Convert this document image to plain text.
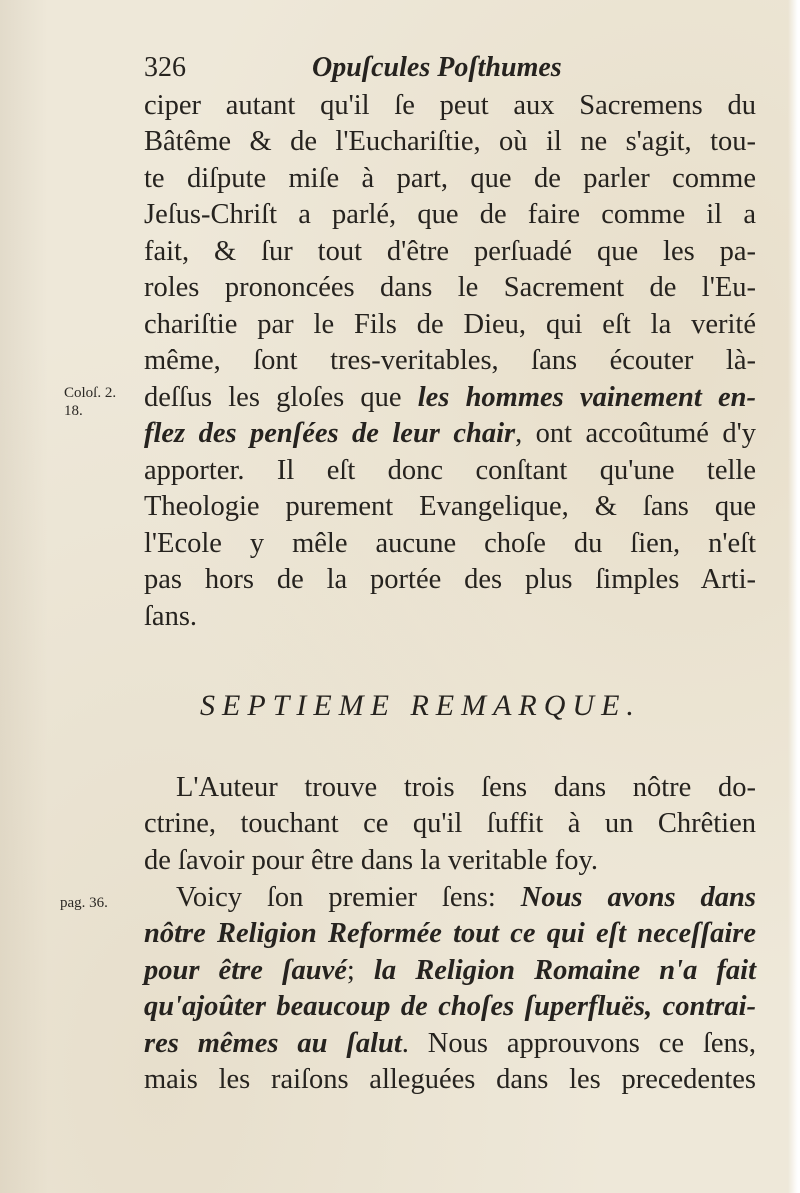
326	Opuſcules Poſthumes
ciper autant qu'il ſe peut aux Sacremens du
Bâtême & de l'Euchariſtie, où il ne s'agit, tou-
te diſpute miſe à part, que de parler comme
Jeſus-Chriſt a parlé, que de faire comme il a
fait, & ſur tout d'être perſuadé que les pa-
roles prononcées dans le Sacrement de l'Eu-
chariſtie par le Fils de Dieu, qui eſt la verité
même, ſont tres-veritables, ſans écouter là-
deſſus les gloſes que les hommes vainement en-
flez des penſées de leur chair, ont accoûtumé d'y
apporter. Il eſt donc conſtant qu'une telle
Theologie purement Evangelique, & ſans que
l'Ecole y mêle aucune choſe du ſien, n'eſt
pas hors de la portée des plus ſimples Arti-
ſans.
Coloſ. 2.
18.
SEPTIEME REMARQUE.
L'Auteur trouve trois ſens dans nôtre do-
ctrine, touchant ce qu'il ſuffit à un Chrêtien
de ſavoir pour être dans la veritable foy.
Voicy ſon premier ſens: Nous avons dans
nôtre Religion Reformée tout ce qui eſt neceſſaire
pour être ſauvé; la Religion Romaine n'a fait
qu'ajoûter beaucoup de choſes ſuperfluës, contrai-
res mêmes au ſalut. Nous approuvons ce ſens,
mais les raiſons alleguées dans les precedentes
pag. 36.
